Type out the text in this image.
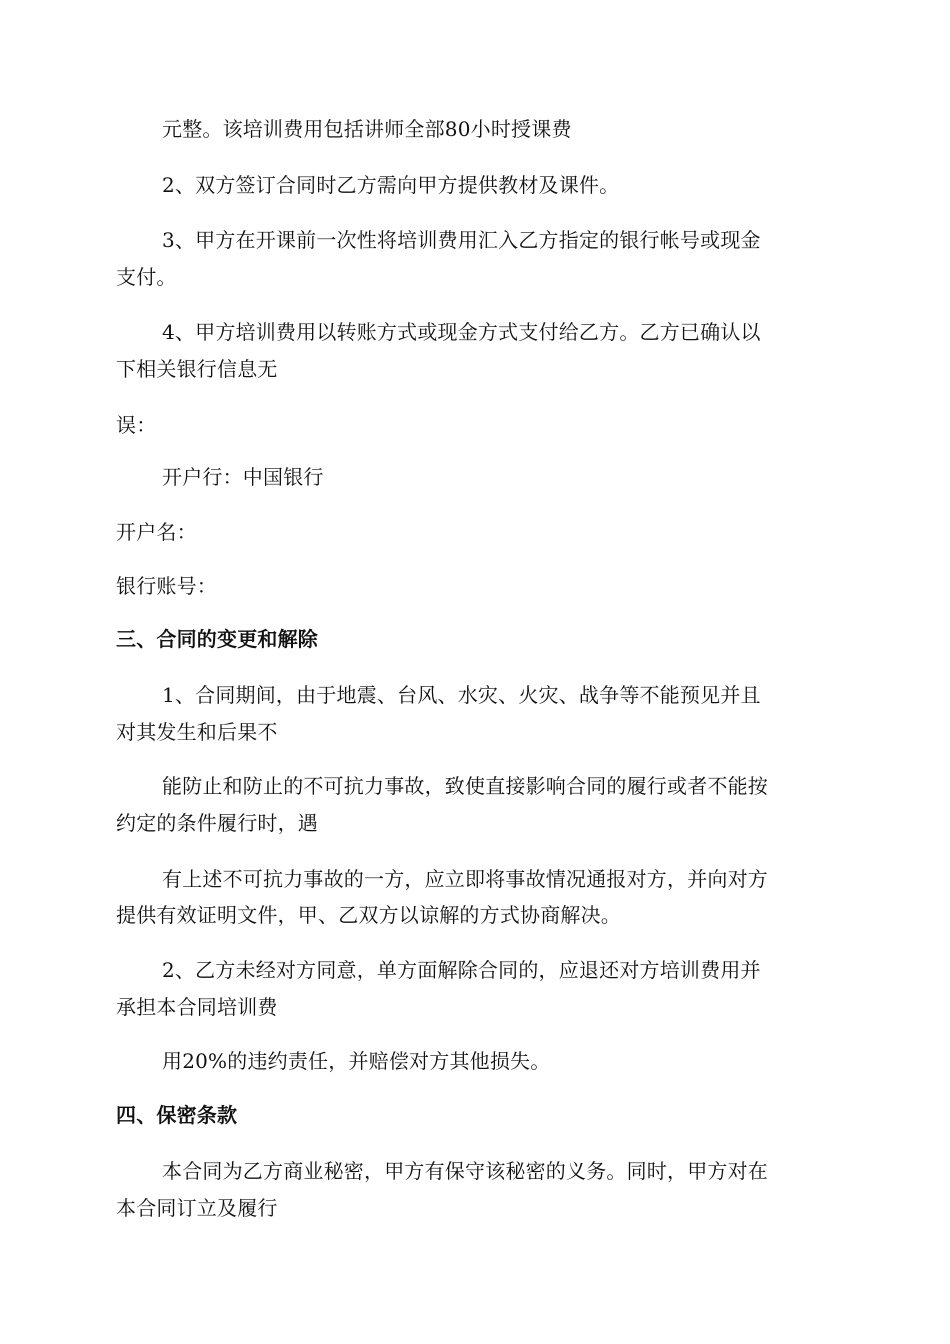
元整。该培训费用包括讲师全部80小时授课费
2、双方签订合同时乙方需向甲方提供教材及课件。
3、甲方在开课前一次性将培训费用汇入乙方指定的银行帐号或现金
支付。
4、甲方培训费用以转账方式或现金方式支付给乙方。乙方已确认以
下相关银行信息无
误：
开户行：中国银行
开户名：
银行账号：
三、合同的变更和解除
1、合同期间，由于地震、台风、水灾、火灾、战争等不能预见并且
对其发生和后果不
能防止和防止的不可抗力事故，致使直接影响合同的履行或者不能按
约定的条件履行时，遇
有上述不可抗力事故的一方，应立即将事故情况通报对方，并向对方
提供有效证明文件，甲、乙双方以谅解的方式协商解决。
2、乙方未经对方同意，单方面解除合同的，应退还对方培训费用并
承担本合同培训费
用20%的违约责任，并赔偿对方其他损失。
四、保密条款
本合同为乙方商业秘密，甲方有保守该秘密的义务。同时，甲方对在
本合同订立及履行
